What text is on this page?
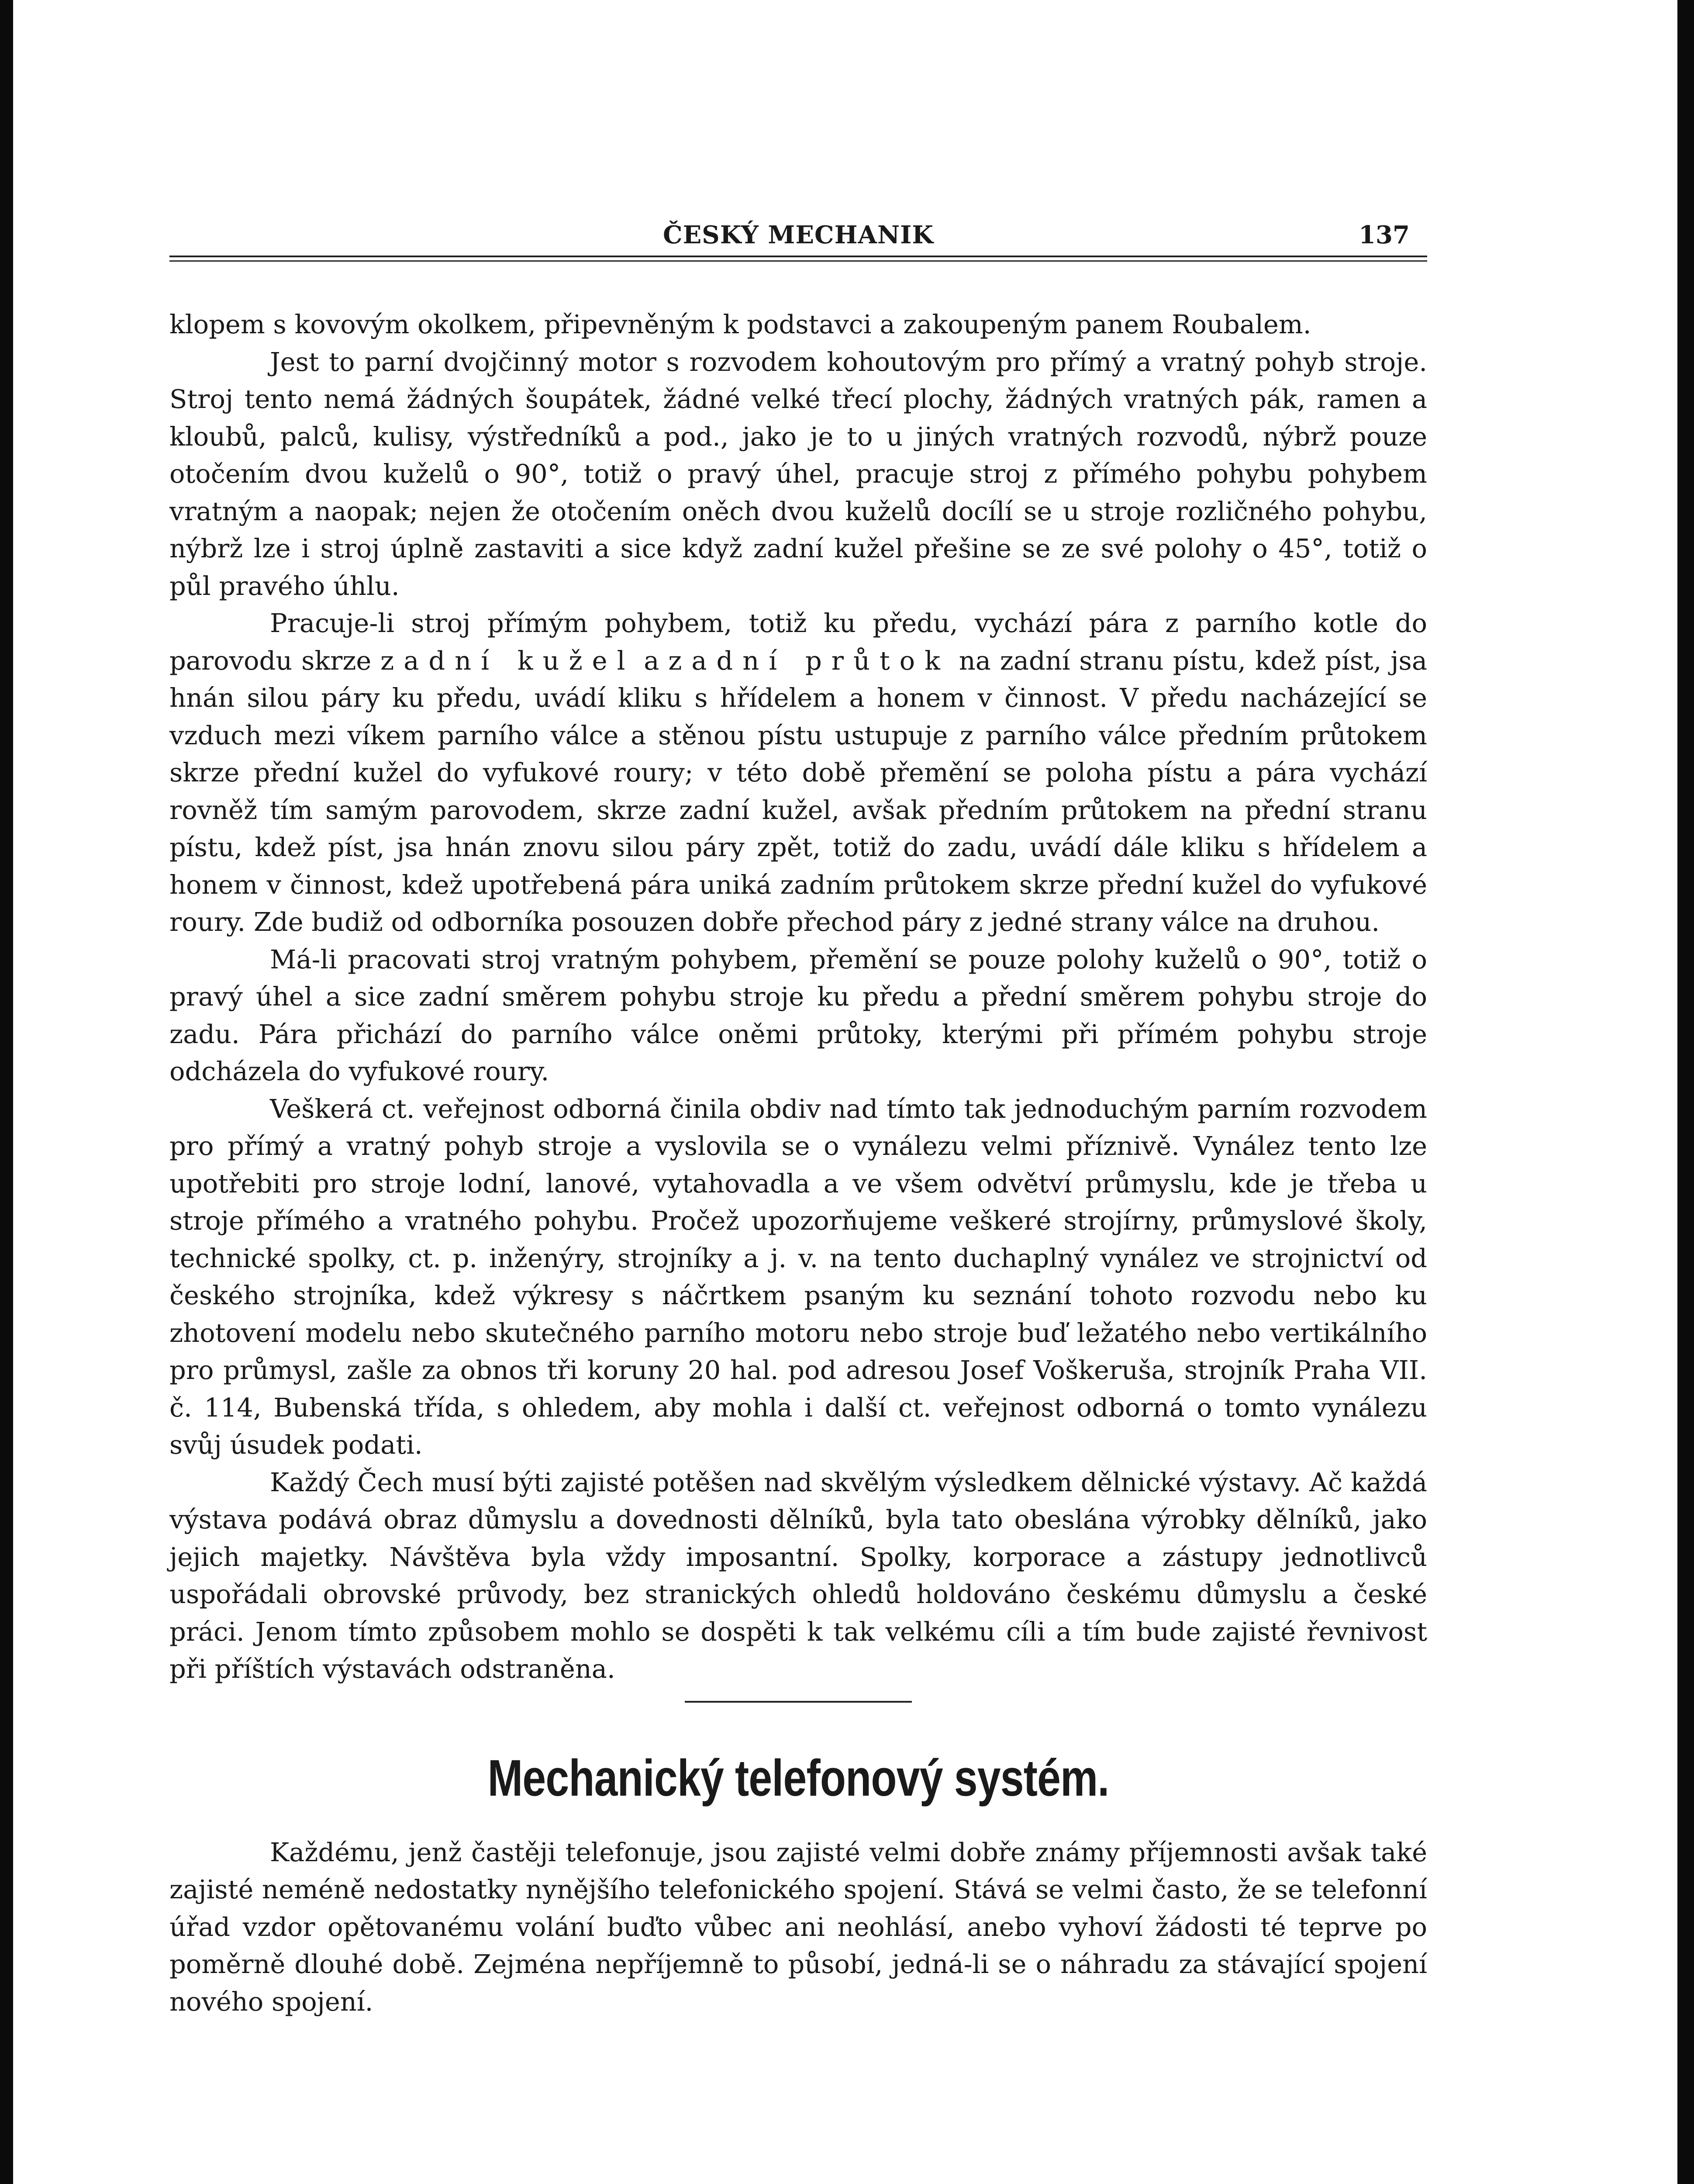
ČESKÝ MECHANIK	137

klopem s kovovým okolkem, připevněným k podstavci a zakoupeným panem Roubalem.

Jest to parní dvojčinný motor s rozvodem kohoutovým pro přímý a vratný pohyb stroje. Stroj tento nemá žádných šoupátek, žádné velké třecí plochy, žádných vratných pák, ramen a kloubů, palců, kulisy, výstředníků a pod., jako je to u jiných vratných rozvodů, nýbrž pouze otočením dvou kuželů o 90°, totiž o pravý úhel, pracuje stroj z přímého pohybu pohybem vratným a naopak; nejen že otočením oněch dvou kuželů docílí se u stroje rozličného pohybu, nýbrž lze i stroj úplně zastaviti a sice když zadní kužel přešine se ze své polohy o 45°, totiž o půl pravého úhlu.

Pracuje-li stroj přímým pohybem, totiž ku předu, vychází pára z parního kotle do parovodu skrze zadní kužel a zadní průtok na zadní stranu pístu, kdež píst, jsa hnán silou páry ku předu, uvádí kliku s hřídelem a honem v činnost. V předu nacházející se vzduch mezi víkem parního válce a stěnou pístu ustupuje z parního válce předním průtokem skrze přední kužel do vyfukové roury; v této době přemění se poloha pístu a pára vychází rovněž tím samým parovodem, skrze zadní kužel, avšak předním průtokem na přední stranu pístu, kdež píst, jsa hnán znovu silou páry zpět, totiž do zadu, uvádí dále kliku s hřídelem a honem v činnost, kdež upotřebená pára uniká zadním průtokem skrze přední kužel do vyfukové roury. Zde budiž od odborníka posouzen dobře přechod páry z jedné strany válce na druhou.

Má-li pracovati stroj vratným pohybem, přemění se pouze polohy kuželů o 90°, totiž o pravý úhel a sice zadní směrem pohybu stroje ku předu a přední směrem pohybu stroje do zadu. Pára přichází do parního válce oněmi průtoky, kterými při přímém pohybu stroje odcházela do vyfukové roury.

Veškerá ct. veřejnost odborná činila obdiv nad tímto tak jednoduchým parním rozvodem pro přímý a vratný pohyb stroje a vyslovila se o vynálezu velmi příznivě. Vynález tento lze upotřebiti pro stroje lodní, lanové, vytahovadla a ve všem odvětví průmyslu, kde je třeba u stroje přímého a vratného pohybu. Pročež upozorňujeme veškeré strojírny, průmyslové školy, technické spolky, ct. p. inženýry, strojníky a j. v. na tento duchaplný vynález ve strojnictví od českého strojníka, kdež výkresy s náčrtkem psaným ku seznání tohoto rozvodu nebo ku zhotovení modelu nebo skutečného parního motoru nebo stroje buď ležatého nebo vertikálního pro průmysl, zašle za obnos tři koruny 20 hal. pod adresou Josef Voškeruša, strojník Praha VII. č. 114, Bubenská třída, s ohledem, aby mohla i další ct. veřejnost odborná o tomto vynálezu svůj úsudek podati.

Každý Čech musí býti zajisté potěšen nad skvělým výsledkem dělnické výstavy. Ač každá výstava podává obraz důmyslu a dovednosti dělníků, byla tato obeslána výrobky dělníků, jako jejich majetky. Návštěva byla vždy imposantní. Spolky, korporace a zástupy jednotlivců uspořádali obrovské průvody, bez stranických ohledů holdováno českému důmyslu a české práci. Jenom tímto způsobem mohlo se dospěti k tak velkému cíli a tím bude zajisté řevnivost při příštích výstavách odstraněna.

Mechanický telefonový systém.

Každému, jenž častěji telefonuje, jsou zajisté velmi dobře známy příjemnosti avšak také zajisté neméně nedostatky nynějšího telefonického spojení. Stává se velmi často, že se telefonní úřad vzdor opětovanému volání buďto vůbec ani neohlásí, anebo vyhoví žádosti té teprve po poměrně dlouhé době. Zejména nepříjemně to působí, jedná-li se o náhradu za stávající spojení nového spojení.
